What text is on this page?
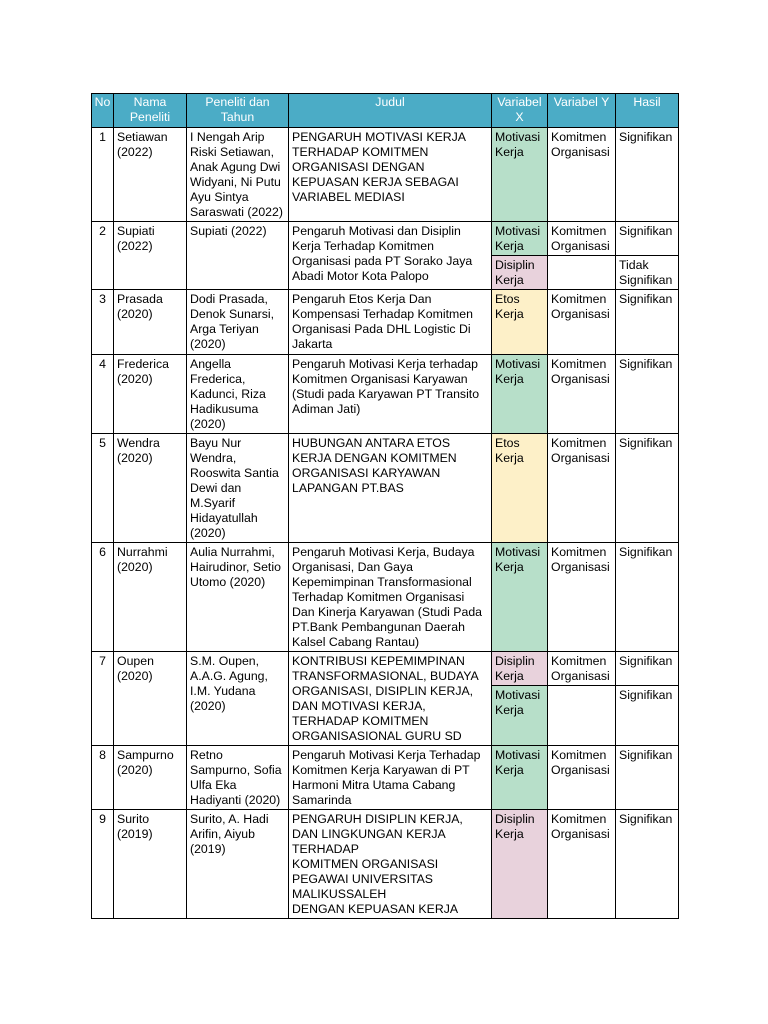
No	Nama Peneliti	Peneliti dan Tahun	Judul	Variabel X	Variabel Y	Hasil
1	Setiawan (2022)	I Nengah Arip Riski Setiawan, Anak Agung Dwi Widyani, Ni Putu Ayu Sintya Saraswati (2022)	PENGARUH MOTIVASI KERJA TERHADAP KOMITMEN ORGANISASI DENGAN KEPUASAN KERJA SEBAGAI VARIABEL MEDIASI	Motivasi Kerja	Komitmen Organisasi	Signifikan
2	Supiati (2022)	Supiati (2022)	Pengaruh Motivasi dan Disiplin Kerja Terhadap Komitmen Organisasi pada PT Sorako Jaya Abadi Motor Kota Palopo	Motivasi Kerja	Komitmen Organisasi	Signifikan
				Disiplin Kerja		Tidak Signifikan
3	Prasada (2020)	Dodi Prasada, Denok Sunarsi, Arga Teriyan (2020)	Pengaruh Etos Kerja Dan Kompensasi Terhadap Komitmen Organisasi Pada DHL Logistic Di Jakarta	Etos Kerja	Komitmen Organisasi	Signifikan
4	Frederica (2020)	Angella Frederica, Kadunci, Riza Hadikusuma (2020)	Pengaruh Motivasi Kerja terhadap Komitmen Organisasi Karyawan (Studi pada Karyawan PT Transito Adiman Jati)	Motivasi Kerja	Komitmen Organisasi	Signifikan
5	Wendra (2020)	Bayu Nur Wendra, Rooswita Santia Dewi dan M.Syarif Hidayatullah (2020)	HUBUNGAN ANTARA ETOS KERJA DENGAN KOMITMEN ORGANISASI KARYAWAN LAPANGAN PT.BAS	Etos Kerja	Komitmen Organisasi	Signifikan
6	Nurrahmi (2020)	Aulia Nurrahmi, Hairudinor, Setio Utomo (2020)	Pengaruh Motivasi Kerja, Budaya Organisasi, Dan Gaya Kepemimpinan Transformasional Terhadap Komitmen Organisasi Dan Kinerja Karyawan (Studi Pada PT.Bank Pembangunan Daerah Kalsel Cabang Rantau)	Motivasi Kerja	Komitmen Organisasi	Signifikan
7	Oupen (2020)	S.M. Oupen, A.A.G. Agung, I.M. Yudana (2020)	KONTRIBUSI KEPEMIMPINAN TRANSFORMASIONAL, BUDAYA ORGANISASI, DISIPLIN KERJA, DAN MOTIVASI KERJA, TERHADAP KOMITMEN ORGANISASIONAL GURU SD	Disiplin Kerja	Komitmen Organisasi	Signifikan
				Motivasi Kerja		Signifikan
8	Sampurno (2020)	Retno Sampurno, Sofia Ulfa Eka Hadiyanti (2020)	Pengaruh Motivasi Kerja Terhadap Komitmen Kerja Karyawan di PT Harmoni Mitra Utama Cabang Samarinda	Motivasi Kerja	Komitmen Organisasi	Signifikan
9	Surito (2019)	Surito, A. Hadi Arifin, Aiyub (2019)	PENGARUH DISIPLIN KERJA, DAN LINGKUNGAN KERJA TERHADAP
KOMITMEN ORGANISASI PEGAWAI UNIVERSITAS MALIKUSSALEH
DENGAN KEPUASAN KERJA	Disiplin Kerja	Komitmen Organisasi	Signifikan
